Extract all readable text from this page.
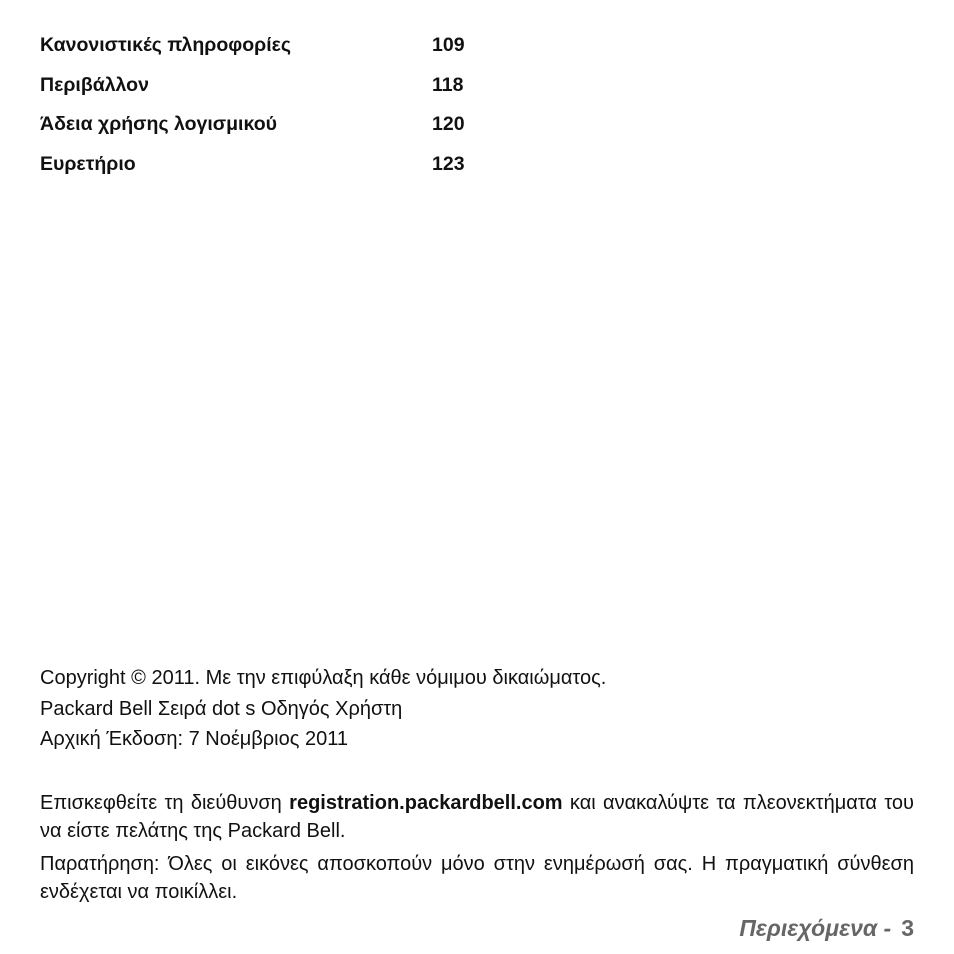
Κανονιστικές πληροφορίες	109
Περιβάλλον	118
Άδεια χρήσης λογισμικού	120
Ευρετήριο	123
Copyright © 2011. Με την επιφύλαξη κάθε νόμιμου δικαιώματος.
Packard Bell Σειρά dot s Οδηγός Χρήστη
Αρχική Έκδοση: 7 Νοέμβριος 2011
Επισκεφθείτε τη διεύθυνση registration.packardbell.com και ανακαλύψτε τα πλεονεκτήματα του να είστε πελάτης της Packard Bell.
Παρατήρηση: Όλες οι εικόνες αποσκοπούν μόνο στην ενημέρωσή σας. Η πραγματική σύνθεση ενδέχεται να ποικίλλει.
Περιεχόμενα - 3
